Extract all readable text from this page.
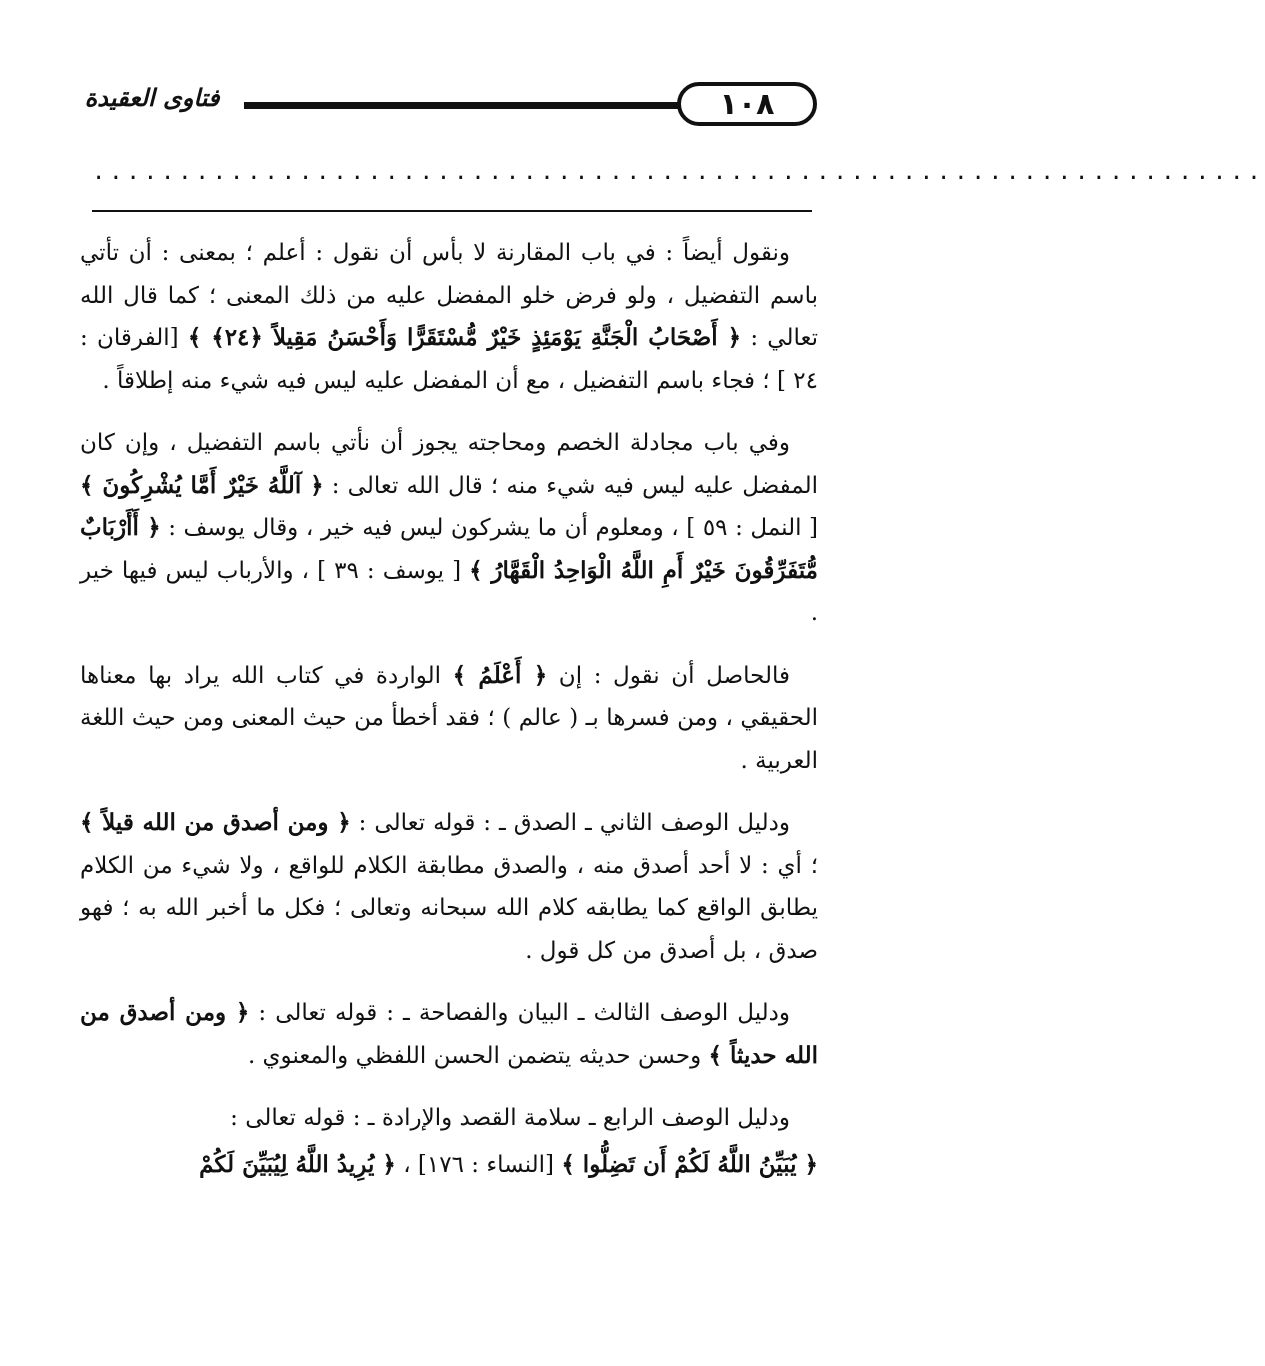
فتاوى العقيدة	١٠٨
....................................................................

ونقول أيضاً : في باب المقارنة لا بأس أن نقول : أعلم ؛ بمعنى : أن تأتي باسم التفضيل ، ولو فرض خلو المفضل عليه من ذلك المعنى ؛ كما قال الله تعالي : ﴿ أَصْحَابُ الْجَنَّةِ يَوْمَئِذٍ خَيْرٌ مُّسْتَقَرًّا وَأَحْسَنُ مَقِيلاً ﴿٢٤﴾ ﴾ [الفرقان : ٢٤ ] ؛ فجاء باسم التفضيل ، مع أن المفضل عليه ليس فيه شيء منه إطلاقاً .

وفي باب مجادلة الخصم ومحاجته يجوز أن نأتي باسم التفضيل ، وإن كان المفضل عليه ليس فيه شيء منه ؛ قال الله تعالى : ﴿ آللَّهُ خَيْرٌ أَمَّا يُشْرِكُونَ ﴾ [ النمل : ٥٩ ] ، ومعلوم أن ما يشركون ليس فيه خير ، وقال يوسف : ﴿ أَأَرْبَابٌ مُّتَفَرِّقُونَ خَيْرٌ أَمِ اللَّهُ الْوَاحِدُ الْقَهَّارُ ﴾ [ يوسف : ٣٩ ] ، والأرباب ليس فيها خير .

فالحاصل أن نقول : إن ﴿ أَعْلَمُ ﴾ الواردة في كتاب الله يراد بها معناها الحقيقي ، ومن فسرها بـ ( عالم ) ؛ فقد أخطأ من حيث المعنى ومن حيث اللغة العربية .

ودليل الوصف الثاني ـ الصدق ـ : قوله تعالى : ﴿ ومن أصدق من الله قيلاً ﴾ ؛ أي : لا أحد أصدق منه ، والصدق مطابقة الكلام للواقع ، ولا شيء من الكلام يطابق الواقع كما يطابقه كلام الله سبحانه وتعالى ؛ فكل ما أخبر الله به ؛ فهو صدق ، بل أصدق من كل قول .

ودليل الوصف الثالث ـ البيان والفصاحة ـ : قوله تعالى : ﴿ ومن أصدق من الله حديثاً ﴾ وحسن حديثه يتضمن الحسن اللفظي والمعنوي .

ودليل الوصف الرابع ـ سلامة القصد والإرادة ـ : قوله تعالى :

﴿ يُبَيِّنُ اللَّهُ لَكُمْ أَن تَضِلُّوا ﴾ [النساء : ١٧٦] ، ﴿ يُرِيدُ اللَّهُ لِيُبَيِّنَ لَكُمْ
